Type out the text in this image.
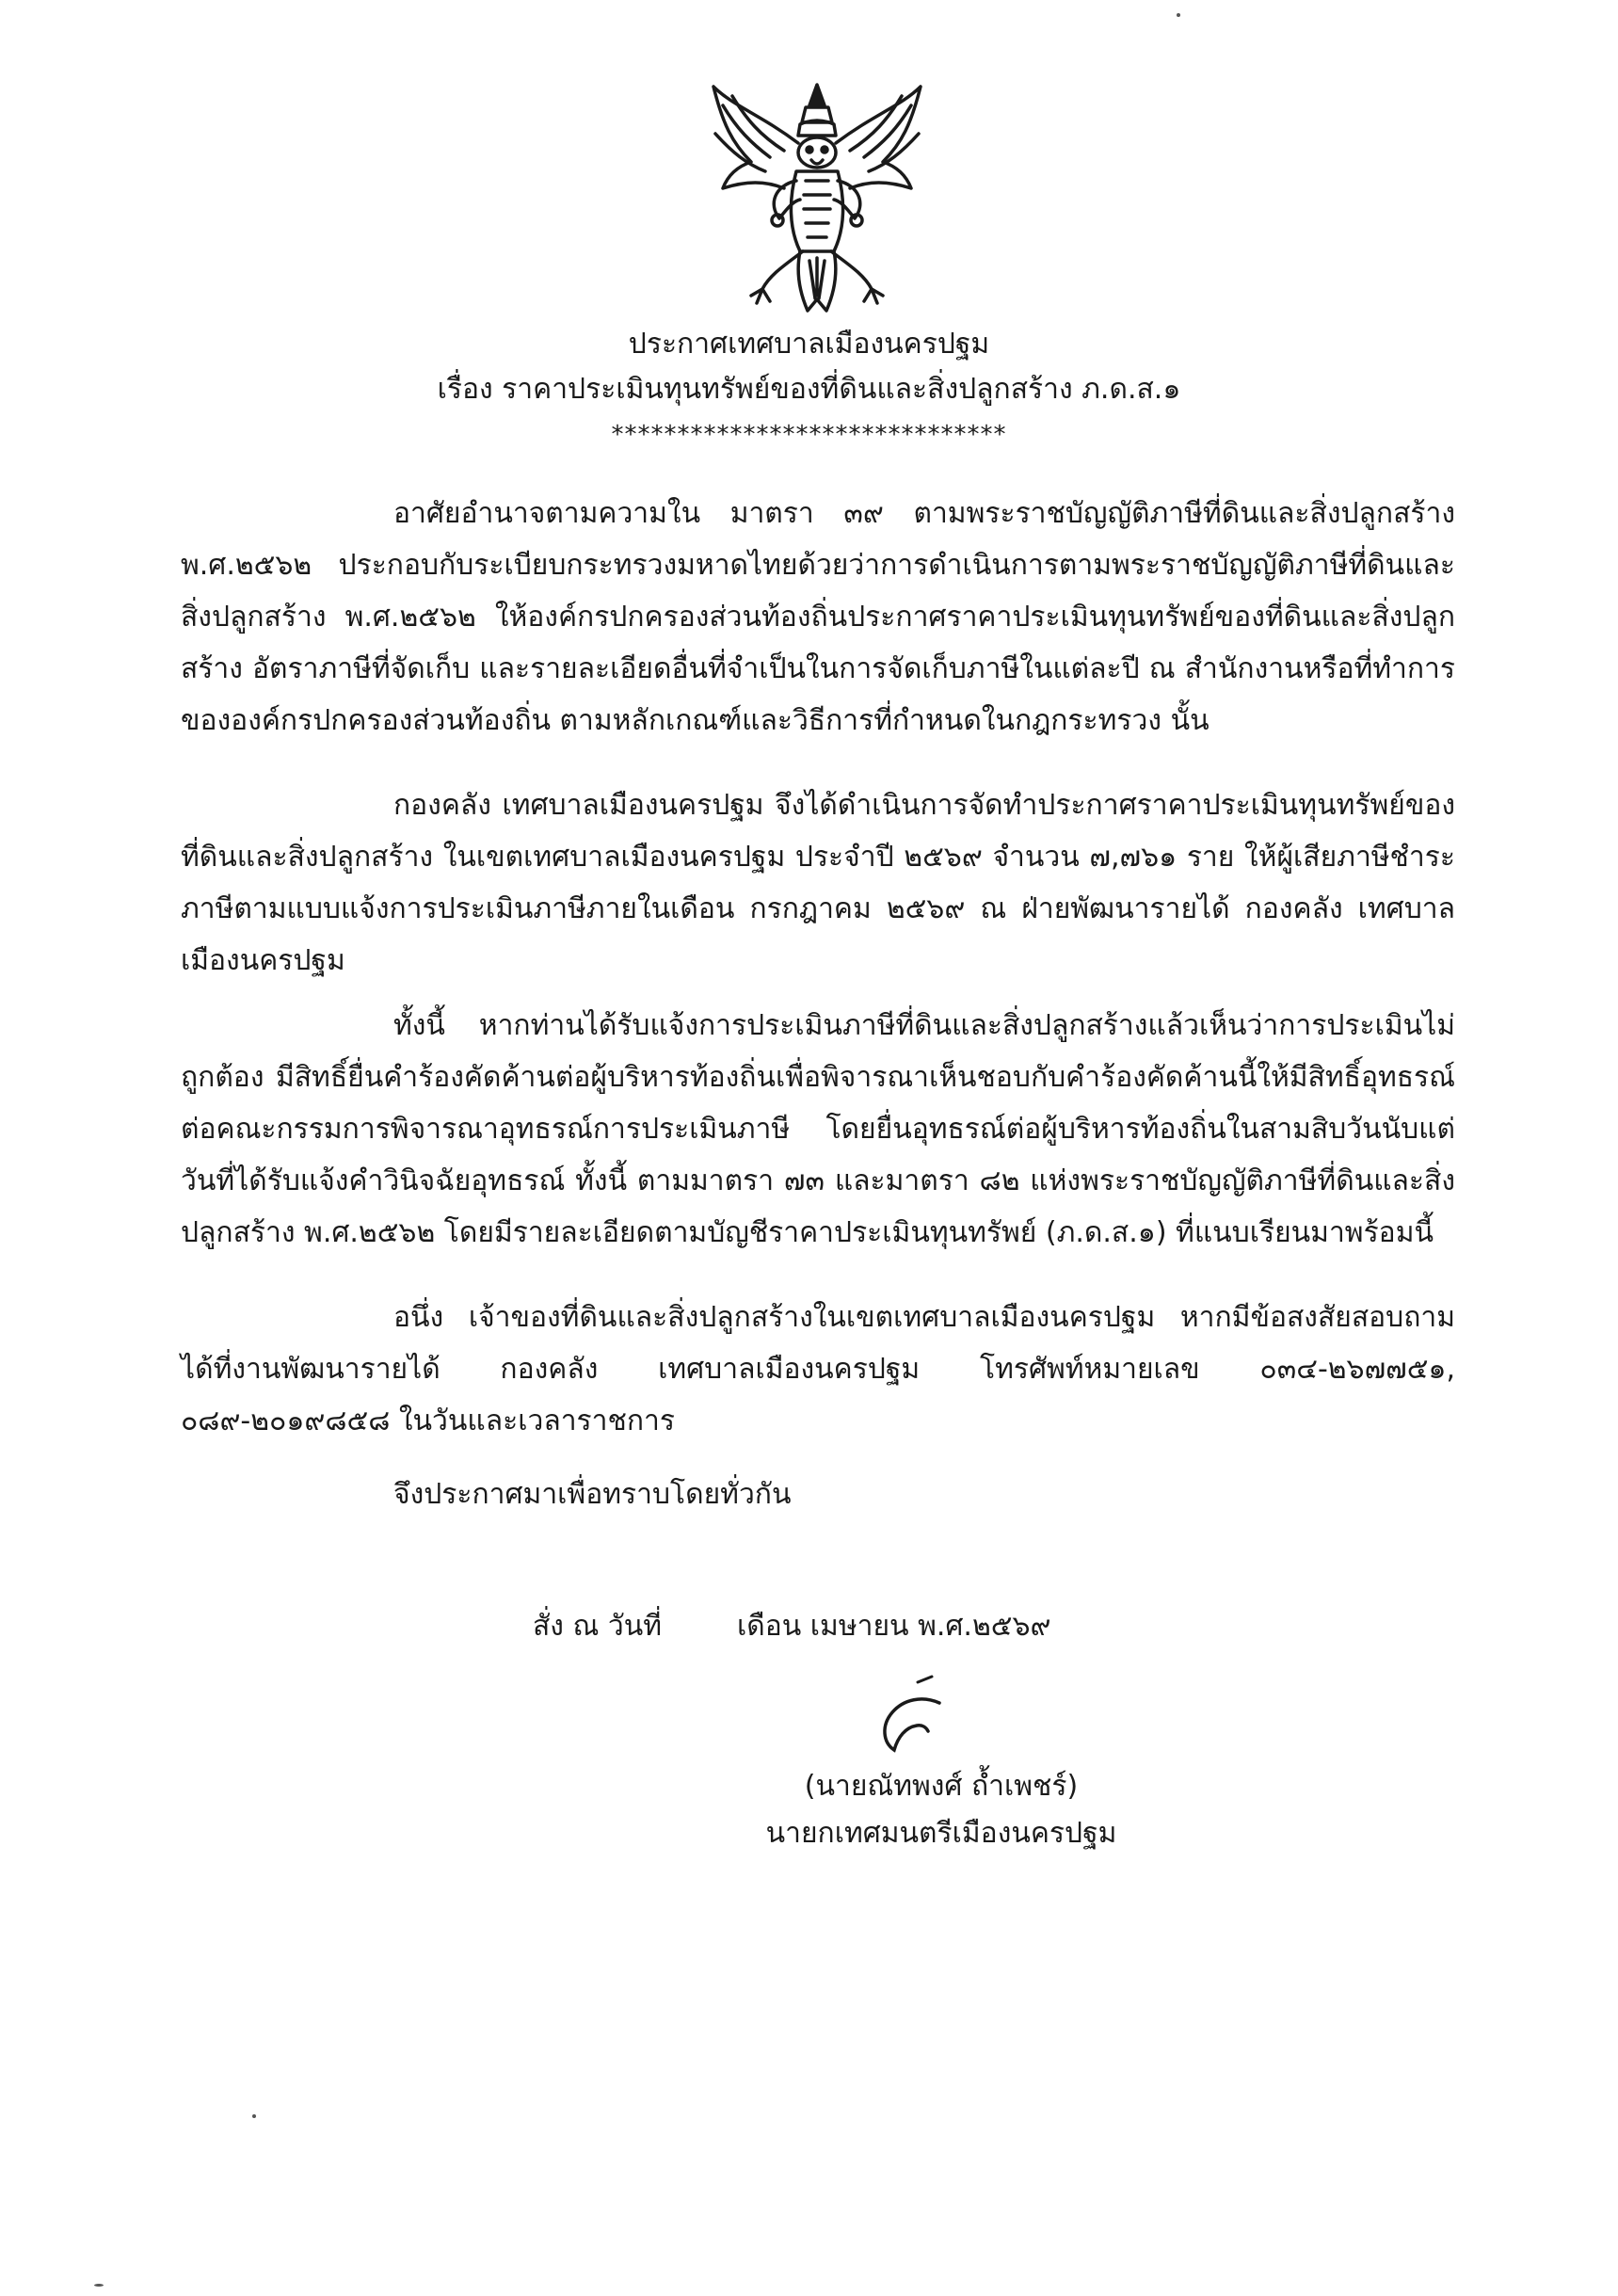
ประกาศเทศบาลเมืองนครปฐม
เรื่อง ราคาประเมินทุนทรัพย์ของที่ดินและสิ่งปลูกสร้าง ภ.ด.ส.๑
******************************

อาศัยอำนาจตามความใน มาตรา ๓๙ ตามพระราชบัญญัติภาษีที่ดินและสิ่งปลูกสร้าง พ.ศ.๒๕๖๒ ประกอบกับระเบียบกระทรวงมหาดไทยด้วยว่าการดำเนินการตามพระราชบัญญัติภาษีที่ดินและสิ่งปลูกสร้าง พ.ศ.๒๕๖๒ ให้องค์กรปกครองส่วนท้องถิ่นประกาศราคาประเมินทุนทรัพย์ของที่ดินและสิ่งปลูกสร้าง อัตราภาษีที่จัดเก็บ และรายละเอียดอื่นที่จำเป็นในการจัดเก็บภาษีในแต่ละปี ณ สำนักงานหรือที่ทำการขององค์กรปกครองส่วนท้องถิ่น ตามหลักเกณฑ์และวิธีการที่กำหนดในกฎกระทรวง นั้น

กองคลัง เทศบาลเมืองนครปฐม จึงได้ดำเนินการจัดทำประกาศราคาประเมินทุนทรัพย์ของที่ดินและสิ่งปลูกสร้าง ในเขตเทศบาลเมืองนครปฐม ประจำปี ๒๕๖๙ จำนวน ๗,๗๖๑ ราย ให้ผู้เสียภาษีชำระภาษีตามแบบแจ้งการประเมินภาษีภายในเดือน กรกฎาคม ๒๕๖๙ ณ ฝ่ายพัฒนารายได้ กองคลัง เทศบาลเมืองนครปฐม

ทั้งนี้ หากท่านได้รับแจ้งการประเมินภาษีที่ดินและสิ่งปลูกสร้างแล้วเห็นว่าการประเมินไม่ถูกต้อง มีสิทธิ์ยื่นคำร้องคัดค้านต่อผู้บริหารท้องถิ่นเพื่อพิจารณาเห็นชอบกับคำร้องคัดค้านนี้ให้มีสิทธิ์อุทธรณ์ต่อคณะกรรมการพิจารณาอุทธรณ์การประเมินภาษี โดยยื่นอุทธรณ์ต่อผู้บริหารท้องถิ่นในสามสิบวันนับแต่วันที่ได้รับแจ้งคำวินิจฉัยอุทธรณ์ ทั้งนี้ ตามมาตรา ๗๓ และมาตรา ๘๒ แห่งพระราชบัญญัติภาษีที่ดินและสิ่งปลูกสร้าง พ.ศ.๒๕๖๒ โดยมีรายละเอียดตามบัญชีราคาประเมินทุนทรัพย์ (ภ.ด.ส.๑) ที่แนบเรียนมาพร้อมนี้

อนึ่ง เจ้าของที่ดินและสิ่งปลูกสร้างในเขตเทศบาลเมืองนครปฐม หากมีข้อสงสัยสอบถามได้ที่งานพัฒนารายได้ กองคลัง เทศบาลเมืองนครปฐม โทรศัพท์หมายเลข ๐๓๔-๒๖๗๗๕๑, ๐๘๙-๒๐๑๙๘๕๘ ในวันและเวลาราชการ

จึงประกาศมาเพื่อทราบโดยทั่วกัน
สั่ง ณ วันที่	เดือน เมษายน พ.ศ.๒๕๖๙
(นายณัทพงศ์ ถ้ำเพชร์)
นายกเทศมนตรีเมืองนครปฐม
